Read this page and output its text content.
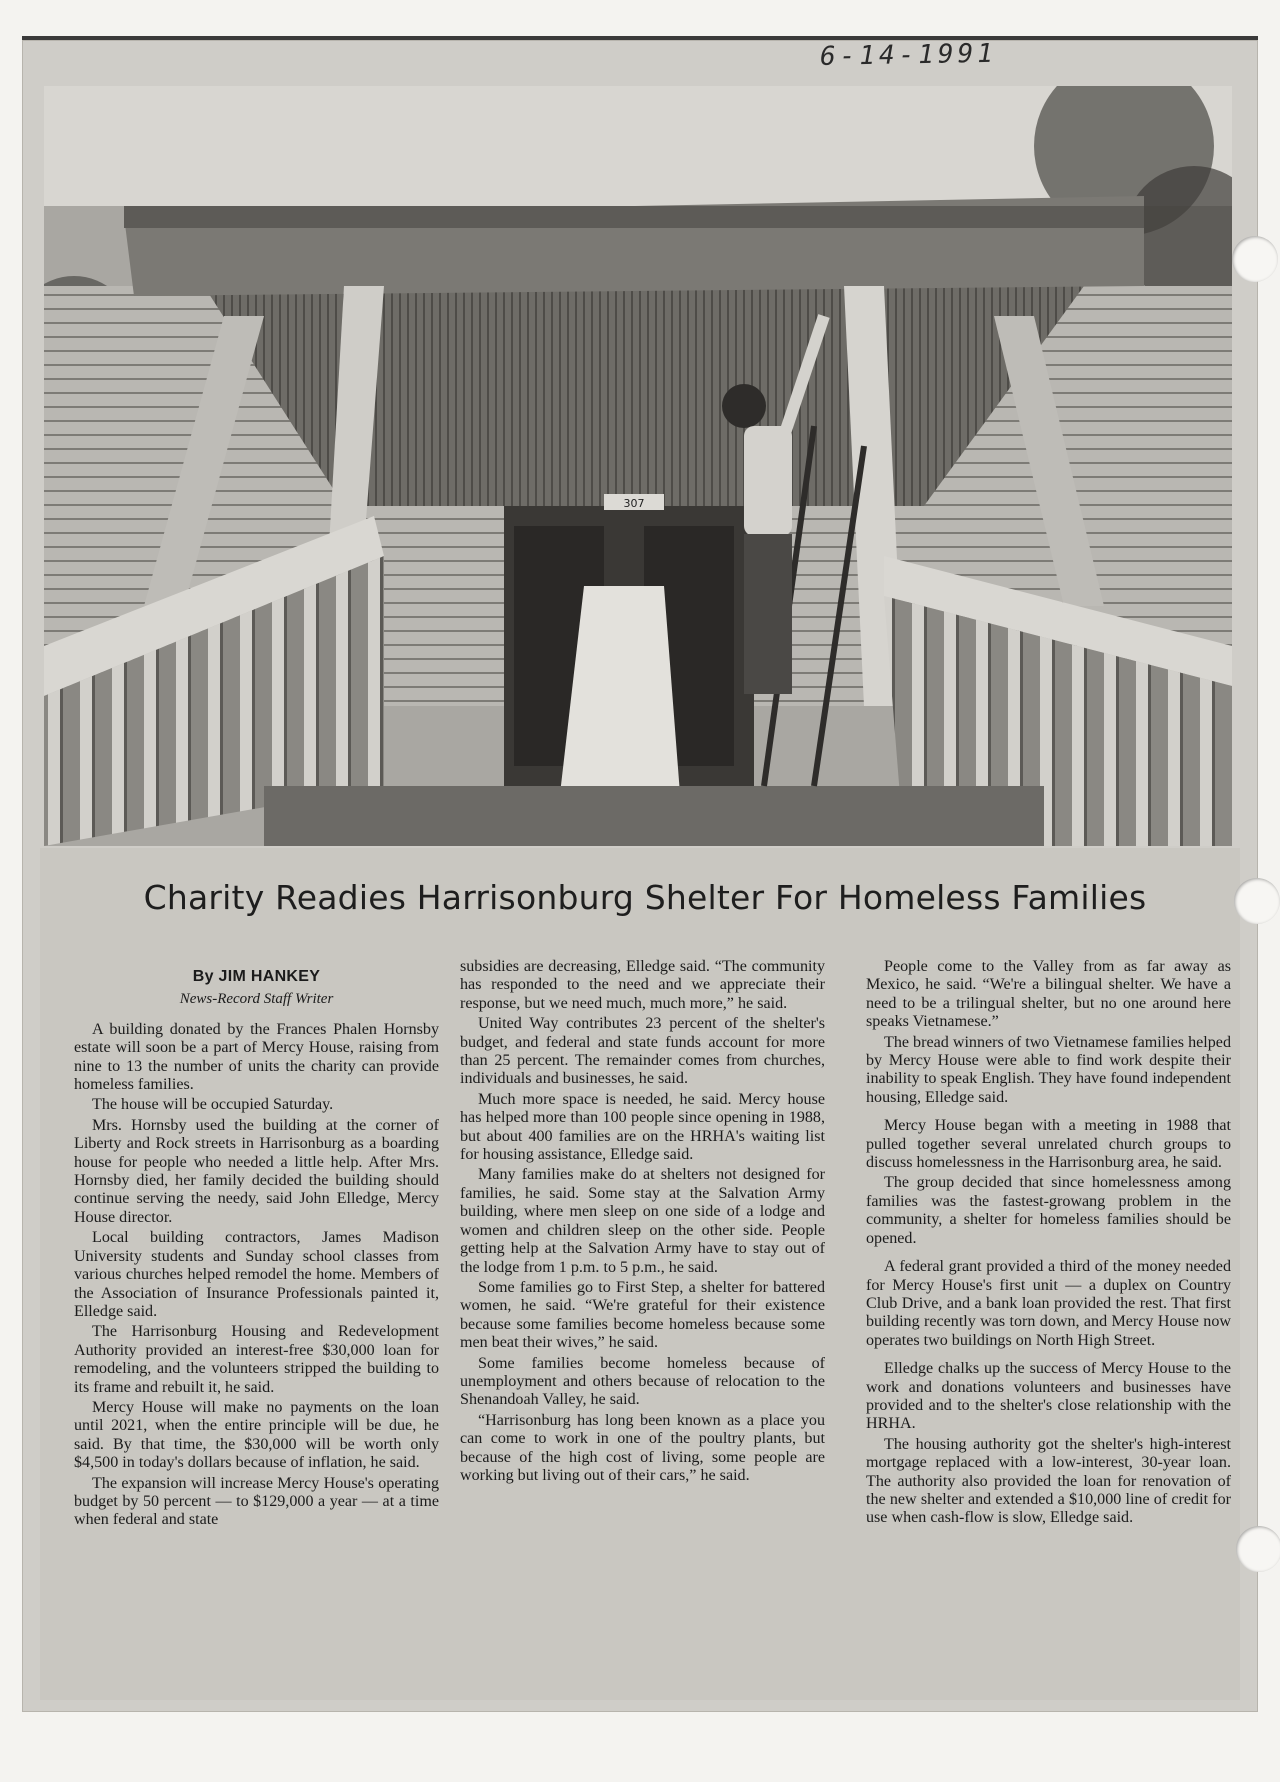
6-14-1991
307
Charity Readies Harrisonburg Shelter For Homeless Families
By JIM HANKEY
News-Record Staff Writer

A building donated by the Frances Phalen Hornsby estate will soon be a part of Mercy House, raising from nine to 13 the number of units the charity can provide homeless families.

The house will be occupied Saturday.

Mrs. Hornsby used the building at the corner of Liberty and Rock streets in Harrisonburg as a boarding house for people who needed a little help. After Mrs. Hornsby died, her family decided the building should continue serving the needy, said John Elledge, Mercy House director.

Local building contractors, James Madison University students and Sunday school classes from various churches helped remodel the home. Members of the Association of Insurance Professionals painted it, Elledge said.

The Harrisonburg Housing and Redevelopment Authority provided an interest-free $30,000 loan for remodeling, and the volunteers stripped the building to its frame and rebuilt it, he said.

Mercy House will make no payments on the loan until 2021, when the entire principle will be due, he said. By that time, the $30,000 will be worth only $4,500 in today's dollars because of inflation, he said.

The expansion will increase Mercy House's operating budget by 50 percent — to $129,000 a year — at a time when federal and state

subsidies are decreasing, Elledge said. “The community has responded to the need and we appreciate their response, but we need much, much more,” he said.

United Way contributes 23 percent of the shelter's budget, and federal and state funds account for more than 25 percent. The remainder comes from churches, individuals and businesses, he said.

Much more space is needed, he said. Mercy house has helped more than 100 people since opening in 1988, but about 400 families are on the HRHA's waiting list for housing assistance, Elledge said.

Many families make do at shelters not designed for families, he said. Some stay at the Salvation Army building, where men sleep on one side of a lodge and women and children sleep on the other side. People getting help at the Salvation Army have to stay out of the lodge from 1 p.m. to 5 p.m., he said.

Some families go to First Step, a shelter for battered women, he said. “We're grateful for their existence because some families become homeless because some men beat their wives,” he said.

Some families become homeless because of unemployment and others because of relocation to the Shenandoah Valley, he said.

“Harrisonburg has long been known as a place you can come to work in one of the poultry plants, but because of the high cost of living, some people are working but living out of their cars,” he said.

People come to the Valley from as far away as Mexico, he said. “We're a bilingual shelter. We have a need to be a trilingual shelter, but no one around here speaks Vietnamese.”

The bread winners of two Vietnamese families helped by Mercy House were able to find work despite their inability to speak English. They have found independent housing, Elledge said.

Mercy House began with a meeting in 1988 that pulled together several unrelated church groups to discuss homelessness in the Harrisonburg area, he said.

The group decided that since homelessness among families was the fastest-growang problem in the community, a shelter for homeless families should be opened.

A federal grant provided a third of the money needed for Mercy House's first unit — a duplex on Country Club Drive, and a bank loan provided the rest. That first building recently was torn down, and Mercy House now operates two buildings on North High Street.

Elledge chalks up the success of Mercy House to the work and donations volunteers and businesses have provided and to the shelter's close relationship with the HRHA.

The housing authority got the shelter's high-interest mortgage replaced with a low-interest, 30-year loan. The authority also provided the loan for renovation of the new shelter and extended a $10,000 line of credit for use when cash-flow is slow, Elledge said.
